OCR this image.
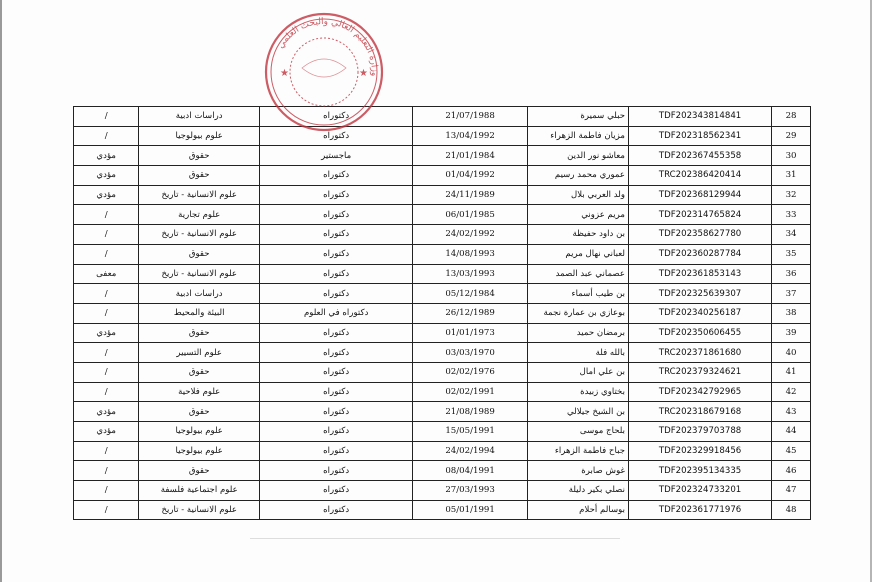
/	دراسات ادبية	دكتوراه	21/07/1988	حبلي سميرة	TDF202343814841	28
/	علوم بيولوجيا	دكتوراه	13/04/1992	مزيان فاطمة الزهراء	TDF202318562341	29
مؤدي	حقوق	ماجستير	21/01/1984	معاشو نور الدين	TDF202367455358	30
مؤدي	حقوق	دكتوراه	01/04/1992	عموري محمد رسيم	TRC202386420414	31
مؤدي	علوم الانسانية - تاريخ	دكتوراه	24/11/1989	ولد العربي بلال	TDF202368129944	32
/	علوم تجارية	دكتوراه	06/01/1985	مريم عزوني	TDF202314765824	33
/	علوم الانسانية - تاريخ	دكتوراه	24/02/1992	بن داود حفيظة	TDF202358627780	34
/	حقوق	دكتوراه	14/08/1993	لعباني نهال مريم	TDF202360287784	35
معفى	علوم الانسانية - تاريخ	دكتوراه	13/03/1993	عصماني عبد الصمد	TDF202361853143	36
/	دراسات ادبية	دكتوراه	05/12/1984	بن طيب أسماء	TDF202325639307	37
/	البيئة والمحيط	دكتوراه في العلوم	26/12/1989	بوعازي بن عمارة نجمة	TDF202340256187	38
مؤدي	حقوق	دكتوراه	01/01/1973	برمضان حميد	TDF202350606455	39
/	علوم التسيير	دكتوراه	03/03/1970	بالله فلة	TRC202371861680	40
/	حقوق	دكتوراه	02/02/1976	بن علي امال	TRC202379324621	41
/	علوم فلاحية	دكتوراه	02/02/1991	بختاوي زبيدة	TDF202342792965	42
مؤدي	حقوق	دكتوراه	21/08/1989	بن الشيخ جيلالي	TRC202318679168	43
مؤدي	علوم بيولوجيا	دكتوراه	15/05/1991	بلحاج موسى	TDF202379703788	44
/	علوم بيولوجيا	دكتوراه	24/02/1994	جباح فاطمة الزهراء	TDF202329918456	45
/	حقوق	دكتوراه	08/04/1991	غوش صابرة	TDF202395134335	46
/	علوم اجتماعية فلسفة	دكتوراه	27/03/1993	نصلي بكير دليلة	TDF202324733201	47
/	علوم الانسانية - تاريخ	دكتوراه	05/01/1991	بوسالم أحلام	TDF202361771976	48
وزارة التعليم العالي والبحث العلمي
★	★
